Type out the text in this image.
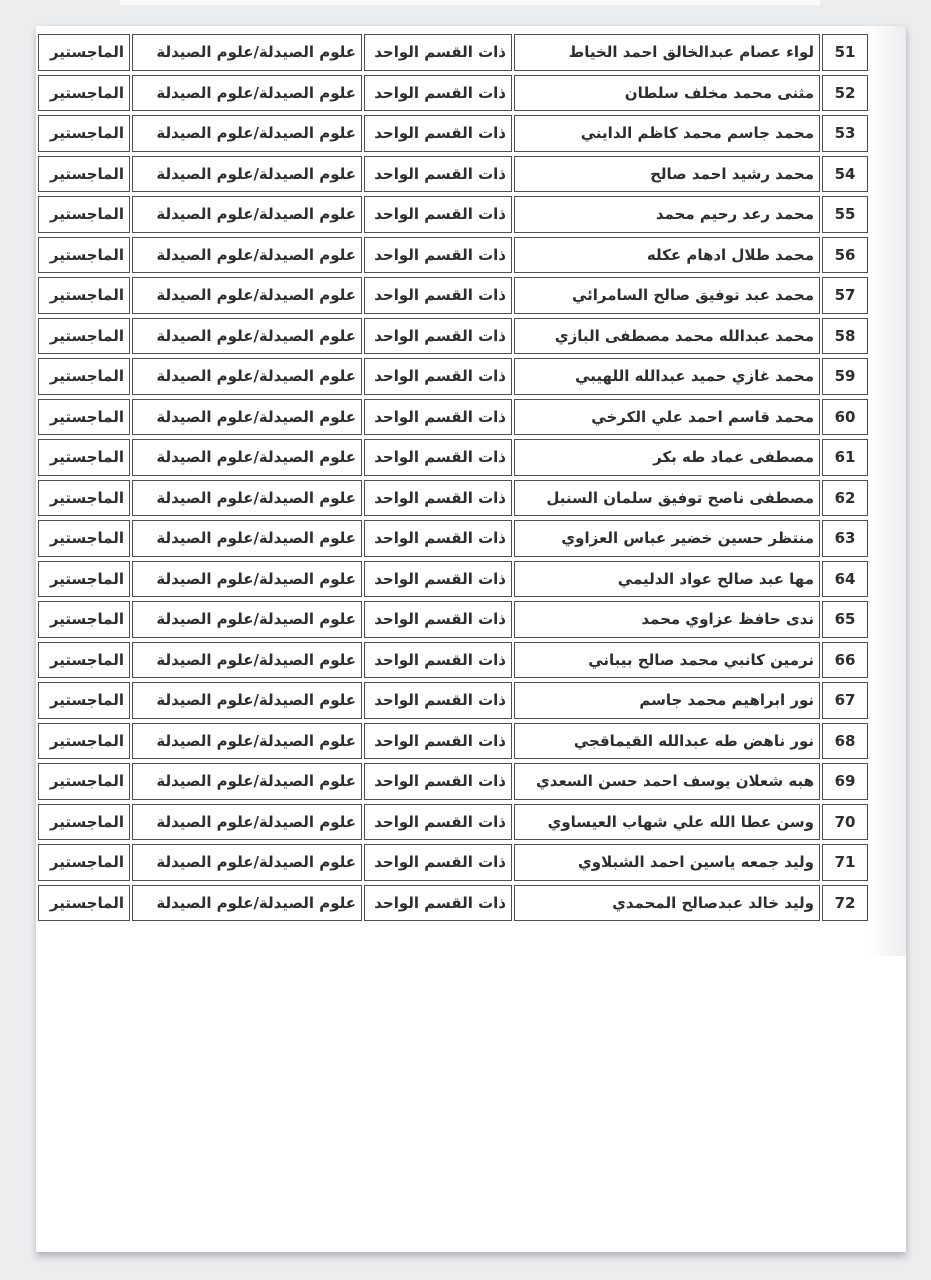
51	لواء عصام عبدالخالق احمد الخياط	ذات القسم الواحد	علوم الصيدلة/علوم الصيدلة	الماجستير
52	مثنى محمد مخلف سلطان	ذات القسم الواحد	علوم الصيدلة/علوم الصيدلة	الماجستير
53	محمد جاسم محمد كاظم الدايني	ذات القسم الواحد	علوم الصيدلة/علوم الصيدلة	الماجستير
54	محمد رشيد احمد صالح	ذات القسم الواحد	علوم الصيدلة/علوم الصيدلة	الماجستير
55	محمد رعد رحيم محمد	ذات القسم الواحد	علوم الصيدلة/علوم الصيدلة	الماجستير
56	محمد طلال ادهام عكله	ذات القسم الواحد	علوم الصيدلة/علوم الصيدلة	الماجستير
57	محمد عبد توفيق صالح السامرائي	ذات القسم الواحد	علوم الصيدلة/علوم الصيدلة	الماجستير
58	محمد عبدالله محمد مصطفى البازي	ذات القسم الواحد	علوم الصيدلة/علوم الصيدلة	الماجستير
59	محمد غازي حميد عبدالله اللهيبي	ذات القسم الواحد	علوم الصيدلة/علوم الصيدلة	الماجستير
60	محمد قاسم احمد علي الكرخي	ذات القسم الواحد	علوم الصيدلة/علوم الصيدلة	الماجستير
61	مصطفى عماد طه بكر	ذات القسم الواحد	علوم الصيدلة/علوم الصيدلة	الماجستير
62	مصطفى ناصح توفيق سلمان السنبل	ذات القسم الواحد	علوم الصيدلة/علوم الصيدلة	الماجستير
63	منتظر حسين خضير عباس العزاوي	ذات القسم الواحد	علوم الصيدلة/علوم الصيدلة	الماجستير
64	مها عبد صالح عواد الدليمي	ذات القسم الواحد	علوم الصيدلة/علوم الصيدلة	الماجستير
65	ندى حافظ عزاوي محمد	ذات القسم الواحد	علوم الصيدلة/علوم الصيدلة	الماجستير
66	نرمين كانبي محمد صالح بيباني	ذات القسم الواحد	علوم الصيدلة/علوم الصيدلة	الماجستير
67	نور ابراهيم محمد جاسم	ذات القسم الواحد	علوم الصيدلة/علوم الصيدلة	الماجستير
68	نور ناهض طه عبدالله القيماقجي	ذات القسم الواحد	علوم الصيدلة/علوم الصيدلة	الماجستير
69	هبه شعلان يوسف احمد حسن السعدي	ذات القسم الواحد	علوم الصيدلة/علوم الصيدلة	الماجستير
70	وسن عطا الله علي شهاب العيساوي	ذات القسم الواحد	علوم الصيدلة/علوم الصيدلة	الماجستير
71	وليد جمعه ياسين احمد الشبلاوي	ذات القسم الواحد	علوم الصيدلة/علوم الصيدلة	الماجستير
72	وليد خالد عبدصالح المحمدي	ذات القسم الواحد	علوم الصيدلة/علوم الصيدلة	الماجستير
